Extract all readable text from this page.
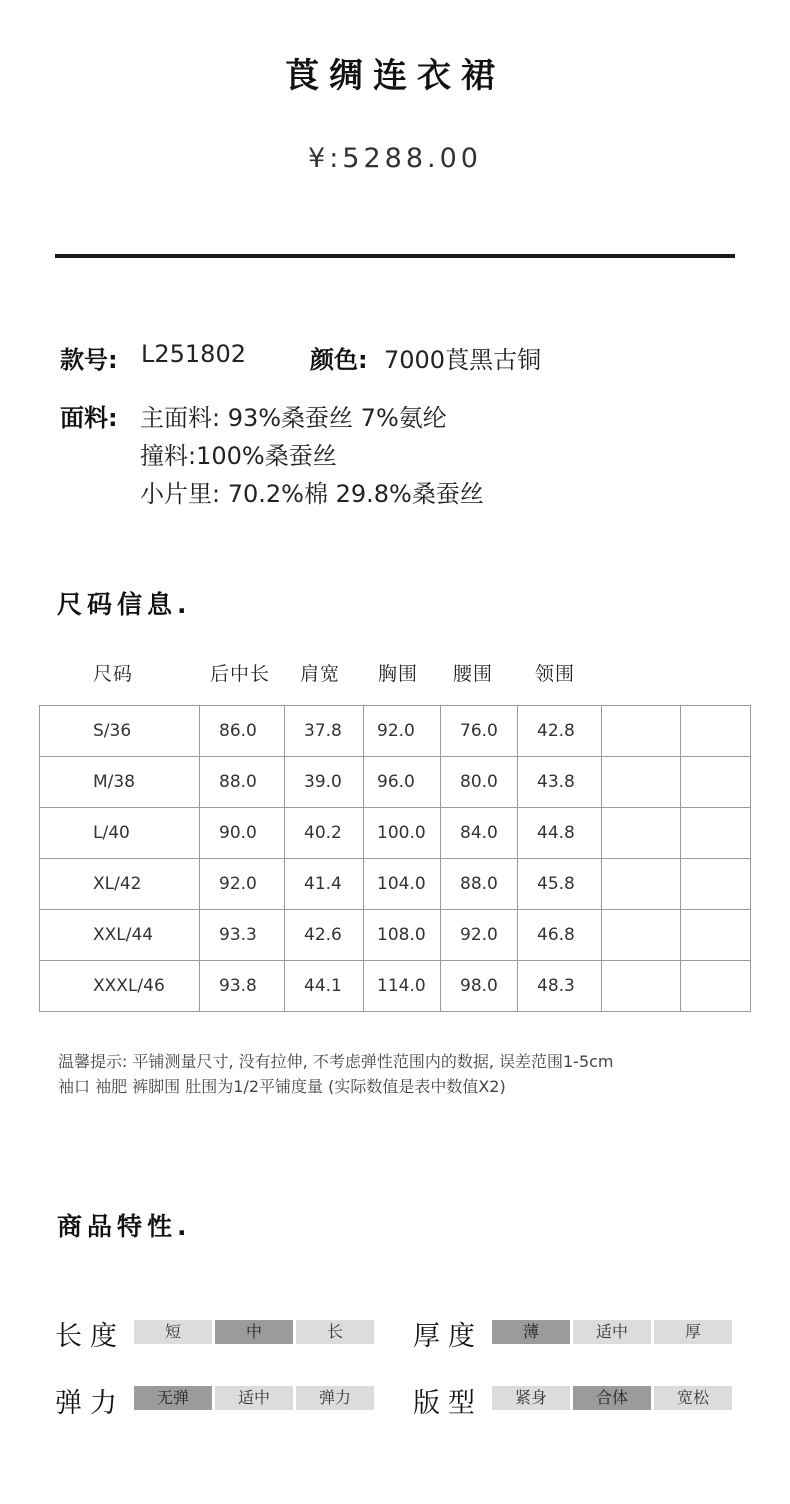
莨绸连衣裙
¥:5288.00
款号: L251802	颜色: 7000莨黑古铜
面料: 主面料: 93%桑蚕丝 7%氨纶
撞料:100%桑蚕丝
小片里: 70.2%棉 29.8%桑蚕丝
尺码信息.
尺码	后中长 肩宽 胸围 腰围 领围
S/36	86.0	37.8	92.0	76.0	42.8		
M/38	88.0	39.0	96.0	80.0	43.8		
L/40	90.0	40.2	100.0	84.0	44.8		
XL/42	92.0	41.4	104.0	88.0	45.8		
XXL/44	93.3	42.6	108.0	92.0	46.8		
XXXL/46	93.8	44.1	114.0	98.0	48.3		
温馨提示: 平铺测量尺寸, 没有拉伸, 不考虑弹性范围内的数据, 误差范围1-5cm
袖口 袖肥 裤脚围 肚围为1/2平铺度量 (实际数值是表中数值X2)
商品特性.
长度	厚度
弹力	版型
短	中	长	薄	适中	厚
无弹	适中	弹力	紧身	合体	宽松
